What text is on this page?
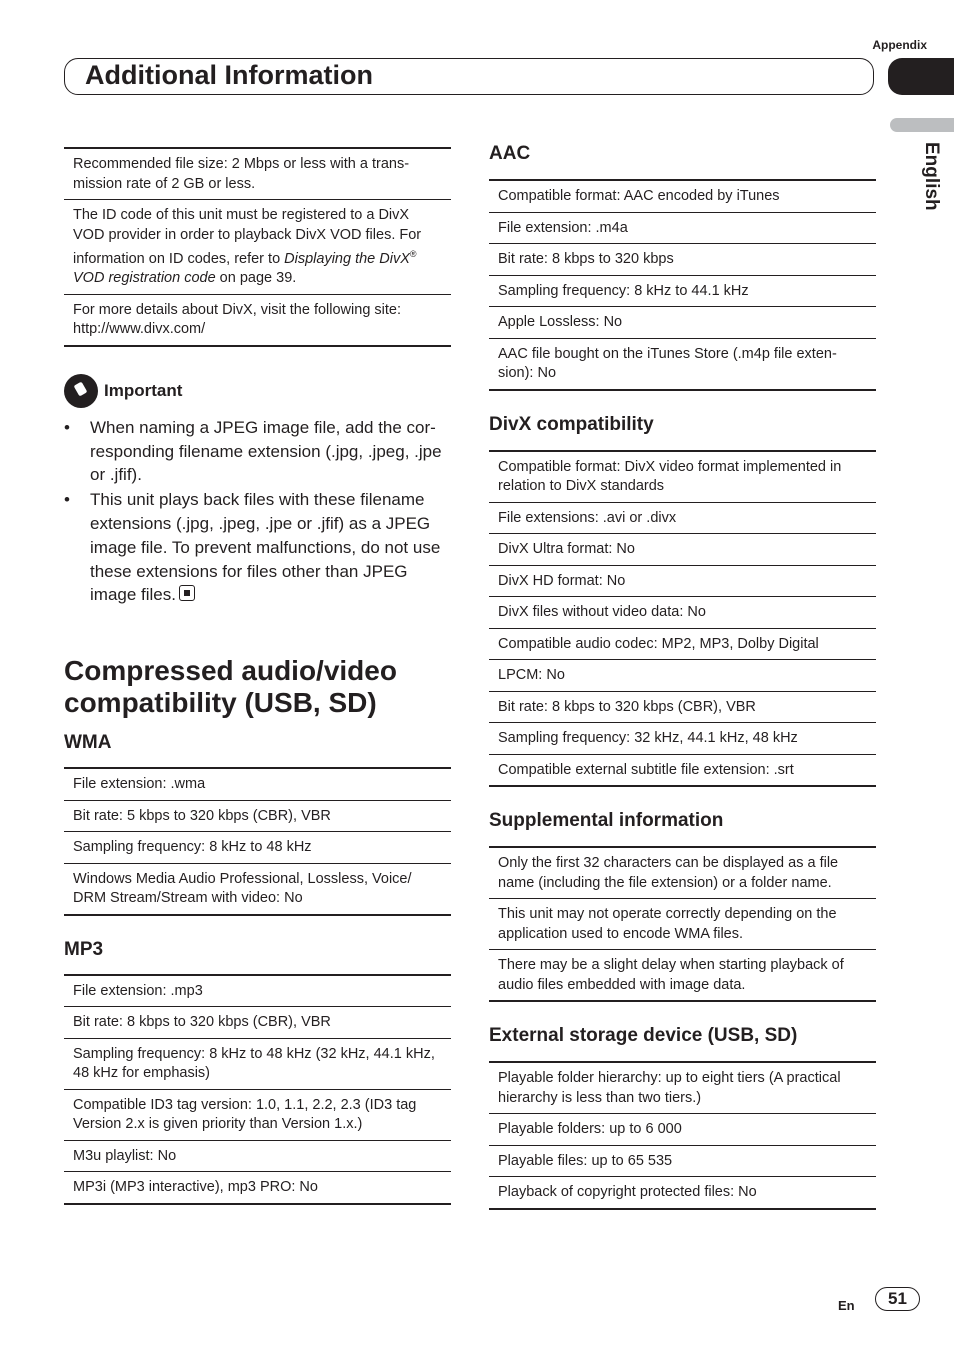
Appendix
Additional Information
English
Recommended file size: 2 Mbps or less with a trans-mission rate of 2 GB or less.
The ID code of this unit must be registered to a DivX VOD provider in order to playback DivX VOD files. For information on ID codes, refer to Displaying the DivX® VOD registration code on page 39.
For more details about DivX, visit the following site: http://www.divx.com/
Important
• When naming a JPEG image file, add the cor-responding filename extension (.jpg, .jpeg, .jpe or .jfif).
• This unit plays back files with these filename extensions (.jpg, .jpeg, .jpe or .jfif) as a JPEG image file. To prevent malfunctions, do not use these extensions for files other than JPEG image files.
Compressed audio/video compatibility (USB, SD)
WMA
File extension: .wma
Bit rate: 5 kbps to 320 kbps (CBR), VBR
Sampling frequency: 8 kHz to 48 kHz
Windows Media Audio Professional, Lossless, Voice/ DRM Stream/Stream with video: No
MP3
File extension: .mp3
Bit rate: 8 kbps to 320 kbps (CBR), VBR
Sampling frequency: 8 kHz to 48 kHz (32 kHz, 44.1 kHz, 48 kHz for emphasis)
Compatible ID3 tag version: 1.0, 1.1, 2.2, 2.3 (ID3 tag Version 2.x is given priority than Version 1.x.)
M3u playlist: No
MP3i (MP3 interactive), mp3 PRO: No
AAC
Compatible format: AAC encoded by iTunes
File extension: .m4a
Bit rate: 8 kbps to 320 kbps
Sampling frequency: 8 kHz to 44.1 kHz
Apple Lossless: No
AAC file bought on the iTunes Store (.m4p file exten-sion): No
DivX compatibility
Compatible format: DivX video format implemented in relation to DivX standards
File extensions: .avi or .divx
DivX Ultra format: No
DivX HD format: No
DivX files without video data: No
Compatible audio codec: MP2, MP3, Dolby Digital
LPCM: No
Bit rate: 8 kbps to 320 kbps (CBR), VBR
Sampling frequency: 32 kHz, 44.1 kHz, 48 kHz
Compatible external subtitle file extension: .srt
Supplemental information
Only the first 32 characters can be displayed as a file name (including the file extension) or a folder name.
This unit may not operate correctly depending on the application used to encode WMA files.
There may be a slight delay when starting playback of audio files embedded with image data.
External storage device (USB, SD)
Playable folder hierarchy: up to eight tiers (A practical hierarchy is less than two tiers.)
Playable folders: up to 6 000
Playable files: up to 65 535
Playback of copyright protected files: No
En	51
